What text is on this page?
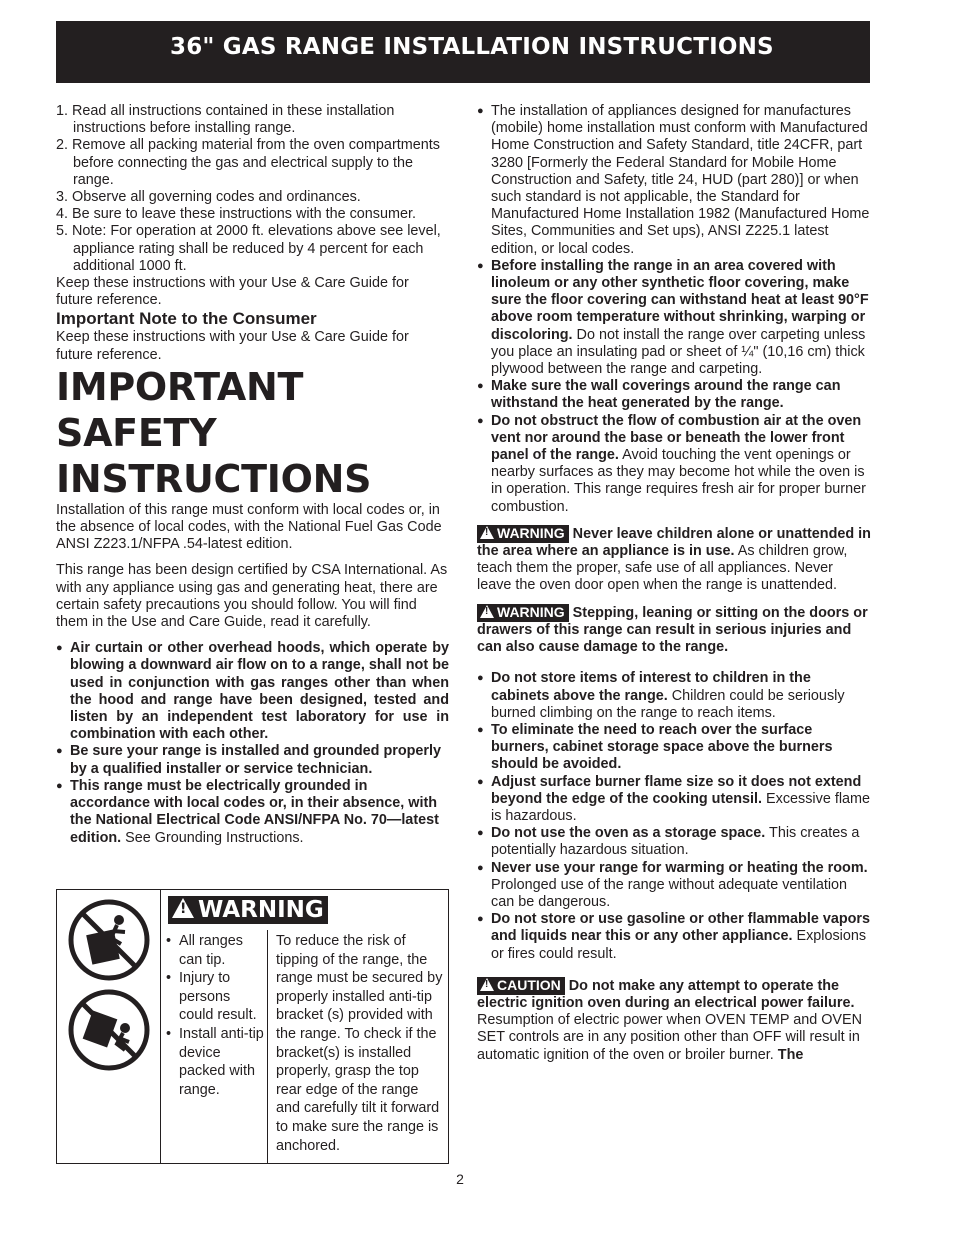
36" GAS RANGE INSTALLATION INSTRUCTIONS
1. Read all instructions contained in these installation instructions before installing range.
2. Remove all packing material from the oven compartments before connecting the gas and electrical supply to the range.
3. Observe all governing codes and ordinances.
4. Be sure to leave these instructions with the consumer.
5. Note: For operation at 2000 ft. elevations above see level, appliance rating shall be reduced by 4 percent for each additional 1000 ft.

Keep these instructions with your Use & Care Guide for future reference.

Important Note to the Consumer

Keep these instructions with your Use & Care Guide for future reference.

IMPORTANT SAFETY INSTRUCTIONS

Installation of this range must conform with local codes or, in the absence of local codes, with the National Fuel Gas Code ANSI Z223.1/NFPA .54-latest edition.

This range has been design certified by CSA International. As with any appliance using gas and generating heat, there are certain safety precautions you should follow. You will find them in the Use and Care Guide, read it carefully.

● Air curtain or other overhead hoods, which operate by blowing a downward air flow on to a range, shall not be used in conjunction with gas ranges other than when the hood and range have been designed, tested and listen by an independent test laboratory for use in combination with each other.
● Be sure your range is installed and grounded properly by a qualified installer or service technician.
● This range must be electrically grounded in accordance with local codes or, in their absence, with the National Electrical Code ANSI/NFPA No. 70—latest edition. See Grounding Instructions.
!WARNING
• All ranges can tip.
• Injury to persons could result.
• Install anti-tip device packed with range.
To reduce the risk of tipping of the range, the range must be secured by properly installed anti-tip bracket (s) provided with the range. To check if the bracket(s) is installed properly, grasp the top rear edge of the range and carefully tilt it forward to make sure the range is anchored.
● The installation of appliances designed for manufactures (mobile) home installation must conform with Manufactured Home Construction and Safety Standard, title 24CFR, part 3280 [Formerly the Federal Standard for Mobile Home Construction and Safety, title 24, HUD (part 280)] or when such standard is not applicable, the Standard for Manufactured Home Installation 1982 (Manufactured Home Sites, Communities and Set ups), ANSI Z225.1 latest edition, or local codes.
● Before installing the range in an area covered with linoleum or any other synthetic floor covering, make sure the floor covering can withstand heat at least 90°F above room temperature without shrinking, warping or discoloring. Do not install the range over carpeting unless you place an insulating pad or sheet of ¼" (10,16 cm) thick plywood between the range and carpeting.
● Make sure the wall coverings around the range can withstand the heat generated by the range.
● Do not obstruct the flow of combustion air at the oven vent nor around the base or beneath the lower front panel of the range. Avoid touching the vent openings or nearby surfaces as they may become hot while the oven is in operation. This range requires fresh air for proper burner combustion.

!WARNING Never leave children alone or unattended in the area where an appliance is in use. As children grow, teach them the proper, safe use of all appliances. Never leave the oven door open when the range is unattended.

!WARNING Stepping, leaning or sitting on the doors or drawers of this range can result in serious injuries and can also cause damage to the range.

● Do not store items of interest to children in the cabinets above the range. Children could be seriously burned climbing on the range to reach items.
● To eliminate the need to reach over the surface burners, cabinet storage space above the burners should be avoided.
● Adjust surface burner flame size so it does not extend beyond the edge of the cooking utensil. Excessive flame is hazardous.
● Do not use the oven as a storage space. This creates a potentially hazardous situation.
● Never use your range for warming or heating the room. Prolonged use of the range without adequate ventilation can be dangerous.
● Do not store or use gasoline or other flammable vapors and liquids near this or any other appliance. Explosions or fires could result.

!CAUTION Do not make any attempt to operate the electric ignition oven during an electrical power failure. Resumption of electric power when OVEN TEMP and OVEN SET controls are in any position other than OFF will result in automatic ignition of the oven or broiler burner. The

2
